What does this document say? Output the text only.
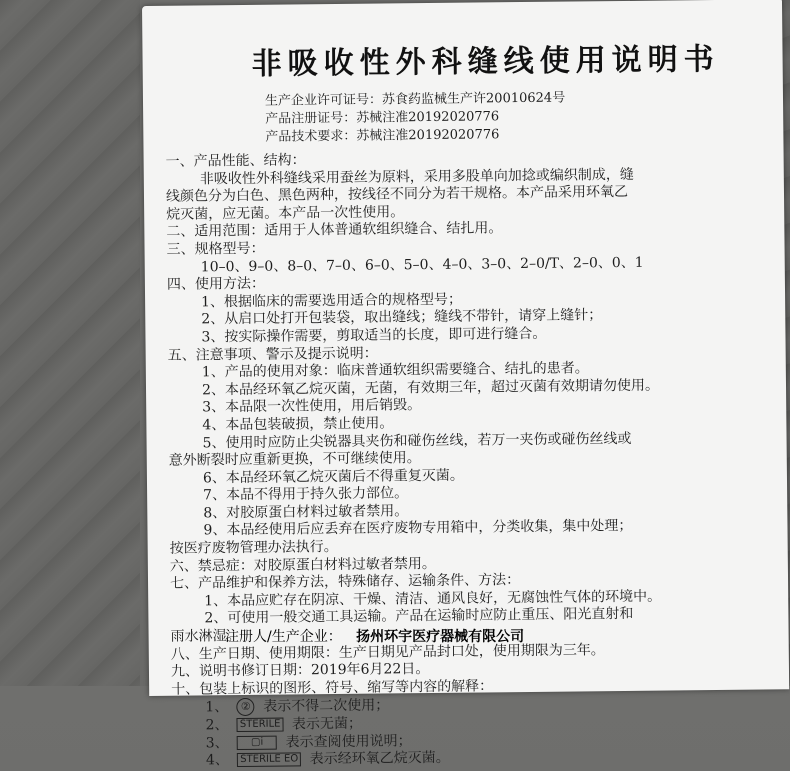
非吸收性外科缝线使用说明书
生产企业许可证号：苏食药监械生产许20010624号
产品注册证号：苏械注准20192020776
产品技术要求：苏械注准20192020776
一、产品性能、结构：
非吸收性外科缝线采用蚕丝为原料，采用多股单向加捻或编织制成，缝
线颜色分为白色、黑色两种，按线径不同分为若干规格。本产品采用环氧乙
烷灭菌，应无菌。本产品一次性使用。
二、适用范围：适用于人体普通软组织缝合、结扎用。
三、规格型号：
10–0、9–0、8–0、7–0、6–0、5–0、4–0、3–0、2–0/T、2–0、0、1
四、使用方法：
1、根据临床的需要选用适合的规格型号；
2、从启口处打开包装袋，取出缝线；缝线不带针，请穿上缝针；
3、按实际操作需要，剪取适当的长度，即可进行缝合。
五、注意事项、警示及提示说明：
1、产品的使用对象：临床普通软组织需要缝合、结扎的患者。
2、本品经环氧乙烷灭菌，无菌，有效期三年，超过灭菌有效期请勿使用。
3、本品限一次性使用，用后销毁。
4、本品包装破损，禁止使用。
5、使用时应防止尖锐器具夹伤和碰伤丝线，若万一夹伤或碰伤丝线或
意外断裂时应重新更换，不可继续使用。
6、本品经环氧乙烷灭菌后不得重复灭菌。
7、本品不得用于持久张力部位。
8、对胶原蛋白材料过敏者禁用。
9、本品经使用后应丢弃在医疗废物专用箱中，分类收集，集中处理；
按医疗废物管理办法执行。
六、禁忌症：对胶原蛋白材料过敏者禁用。
七、产品维护和保养方法，特殊储存、运输条件、方法：
1、本品应贮存在阴凉、干燥、清洁、通风良好，无腐蚀性气体的环境中。
2、可使用一般交通工具运输。产品在运输时应防止重压、阳光直射和
雨水淋湿。
八、生产日期、使用期限：生产日期见产品封口处，使用期限为三年。
九、说明书修订日期：2019年6月22日。
十、包装上标识的图形、符号、缩写等内容的解释：
1、 ② 表示不得二次使用；
2、 STERILE 表示无菌；
3、 ▢i 表示查阅使用说明；
4、 STERILE EO 表示经环氧乙烷灭菌。
注册人/生产企业： 扬州环宇医疗器械有限公司
